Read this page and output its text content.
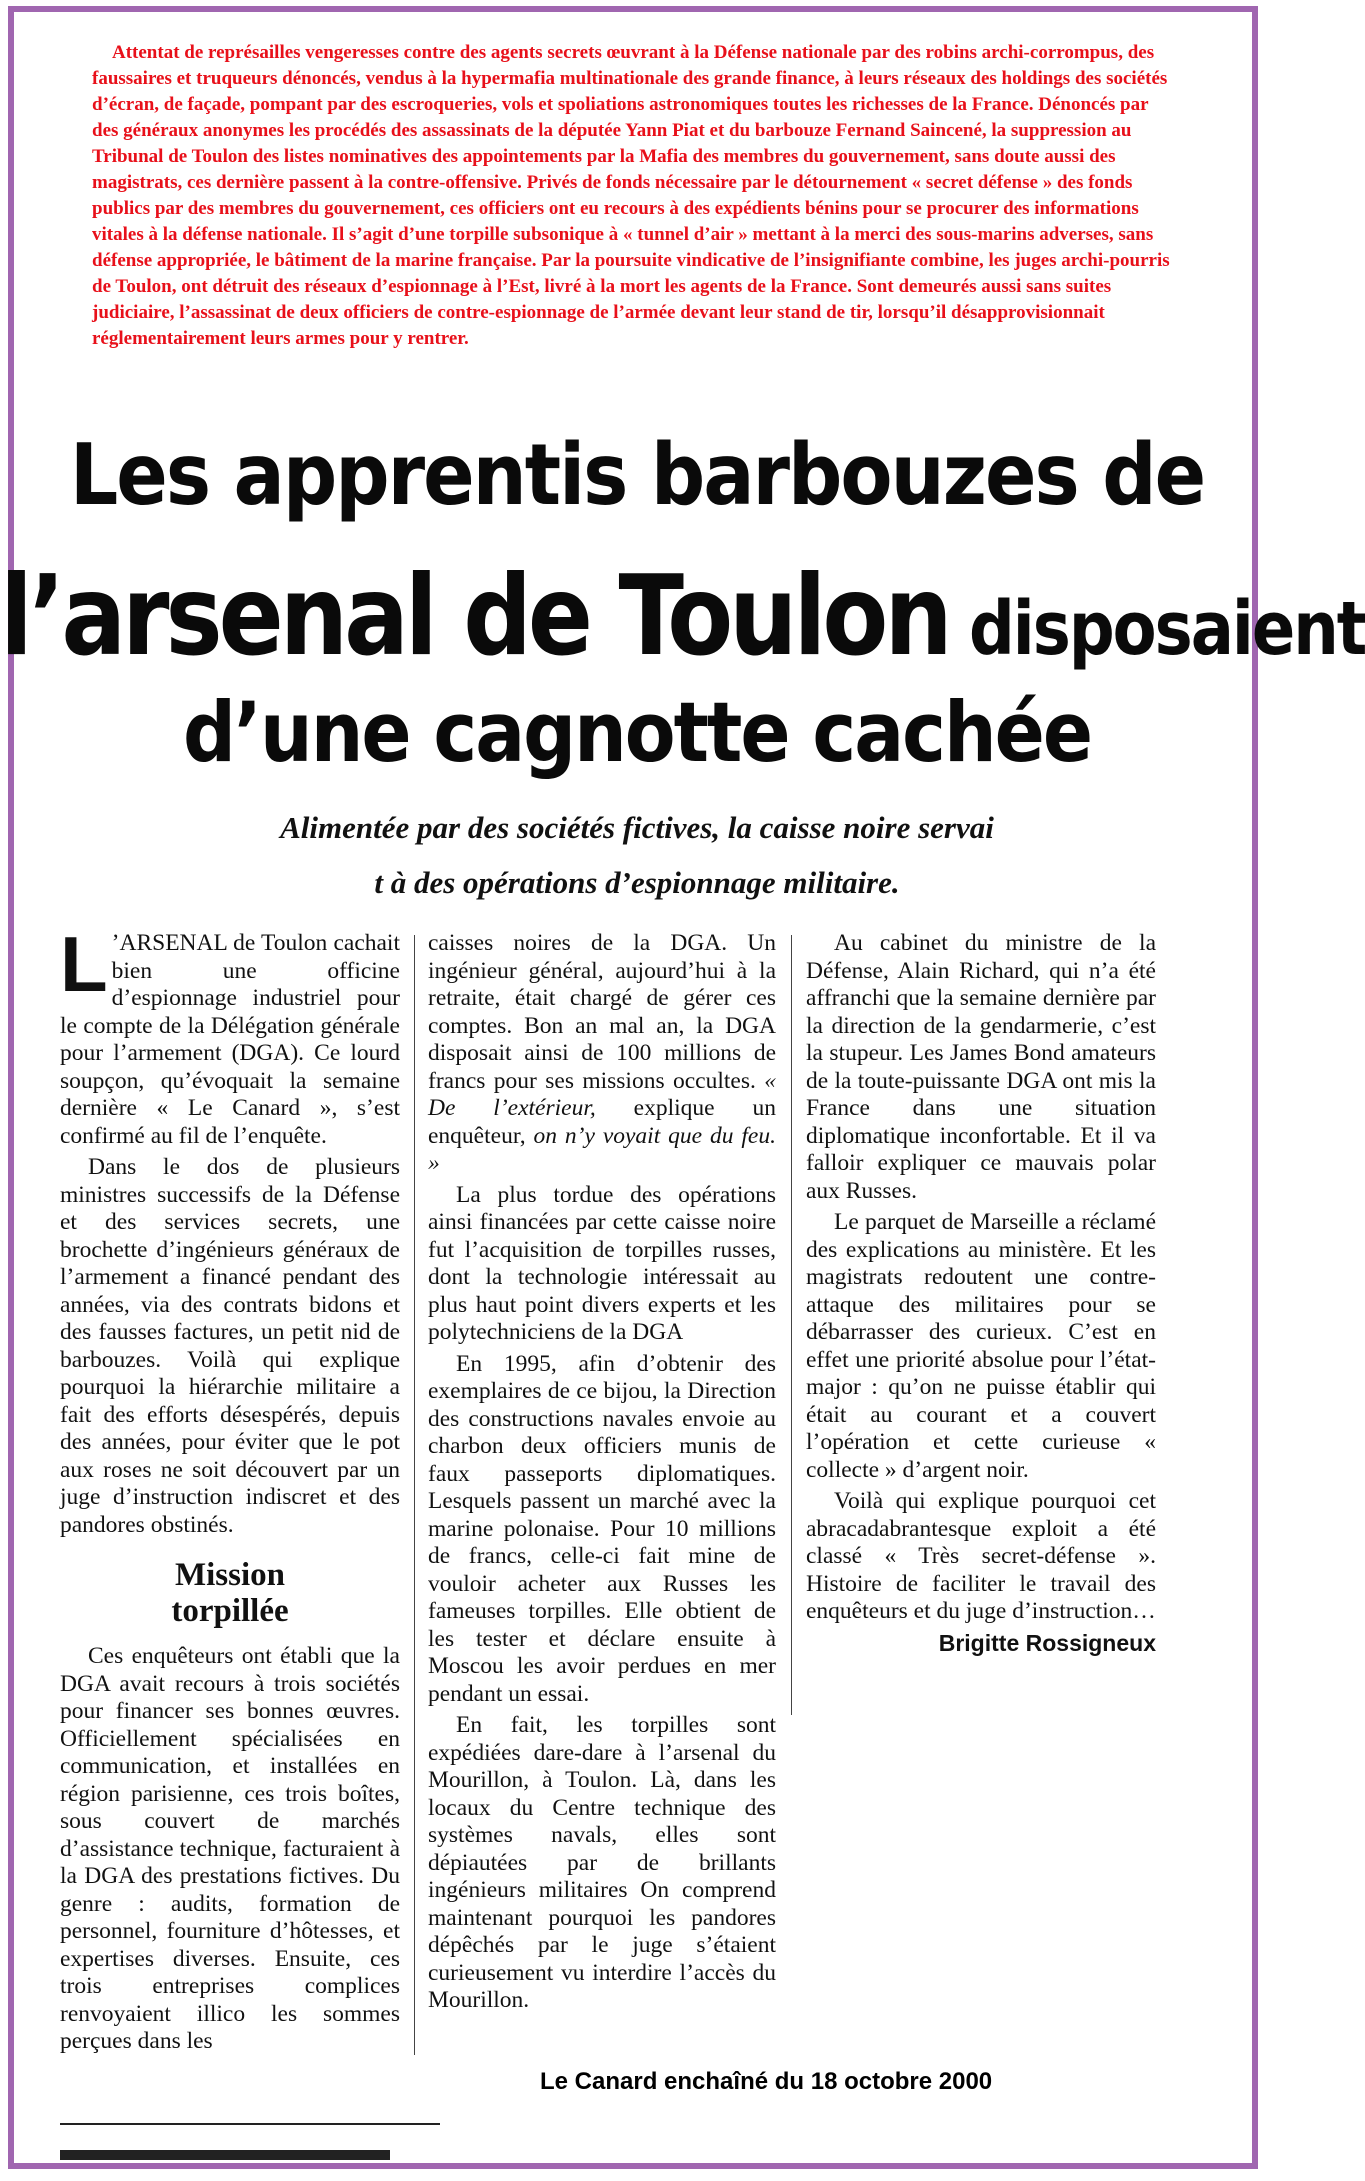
Attentat de représailles vengeresses contre des agents secrets œuvrant à la Défense nationale par des robins archi-corrompus, des faussaires et truqueurs dénoncés, vendus à la hypermafia multinationale des grande finance, à leurs réseaux des holdings des sociétés d’écran, de façade, pompant par des escroqueries, vols et spoliations astronomiques toutes les richesses de la France. Dénoncés par des généraux anonymes les procédés des assassinats de la députée Yann Piat et du barbouze Fernand Saincené, la suppression au Tribunal de Toulon des listes nominatives des appointements par la Mafia des membres du gouvernement, sans doute aussi des magistrats, ces dernière passent à la contre-offensive. Privés de fonds nécessaire par le détournement « secret défense » des fonds publics par des membres du gouvernement, ces officiers ont eu recours à des expédients bénins pour se procurer des informations vitales à la défense nationale. Il s’agit d’une torpille subsonique à « tunnel d’air » mettant à la merci des sous-marins adverses, sans défense appropriée, le bâtiment de la marine française. Par la poursuite vindicative de l’insignifiante combine, les juges archi-pourris de Toulon, ont détruit des réseaux d’espionnage à l’Est, livré à la mort les agents de la France. Sont demeurés aussi sans suites judiciaire, l’assassinat de deux officiers de contre-espionnage de l’armée devant leur stand de tir, lorsqu’il désapprovisionnait réglementairement leurs armes pour y rentrer.

Les apprentis barbouzes de
l’arsenal de Toulon disposaient
d’une cagnotte cachée

Alimentée par des sociétés fictives, la caisse noire servai

t à des opérations d’espionnage militaire.

L ’ARSENAL de Toulon cachait bien une officine d’espionnage industriel pour le compte de la Délégation générale pour l’armement (DGA). Ce lourd soupçon, qu’évoquait la semaine dernière « Le Canard », s’est confirmé au fil de l’enquête.

Dans le dos de plusieurs ministres successifs de la Défense et des services secrets, une brochette d’ingénieurs généraux de l’armement a financé pendant des années, via des contrats bidons et des fausses factures, un petit nid de barbouzes. Voilà qui explique pourquoi la hiérarchie militaire a fait des efforts désespérés, depuis des années, pour éviter que le pot aux roses ne soit découvert par un juge d’instruction indiscret et des pandores obstinés.

Mission
torpillée

Ces enquêteurs ont établi que la DGA avait recours à trois sociétés pour financer ses bonnes œuvres. Officiellement spécialisées en communication, et installées en région parisienne, ces trois boîtes, sous couvert de marchés d’assistance technique, facturaient à la DGA des prestations fictives. Du genre : audits, formation de personnel, fourniture d’hôtesses, et expertises diverses. Ensuite, ces trois entreprises complices renvoyaient illico les sommes perçues dans les

caisses noires de la DGA. Un ingénieur général, aujourd’hui à la retraite, était chargé de gérer ces comptes. Bon an mal an, la DGA disposait ainsi de 100 millions de francs pour ses missions occultes. « De l’extérieur, explique un enquêteur, on n’y voyait que du feu. »

La plus tordue des opérations ainsi financées par cette caisse noire fut l’acquisition de torpilles russes, dont la technologie intéressait au plus haut point divers experts et les polytechniciens de la DGA

En 1995, afin d’obtenir des exemplaires de ce bijou, la Direction des constructions navales envoie au charbon deux officiers munis de faux passeports diplomatiques. Lesquels passent un marché avec la marine polonaise. Pour 10 millions de francs, celle-ci fait mine de vouloir acheter aux Russes les fameuses torpilles. Elle obtient de les tester et déclare ensuite à Moscou les avoir perdues en mer pendant un essai.

En fait, les torpilles sont expédiées dare-dare à l’arsenal du Mourillon, à Toulon. Là, dans les locaux du Centre technique des systèmes navals, elles sont dépiautées par de brillants ingénieurs militaires On comprend maintenant pourquoi les pandores dépêchés par le juge s’étaient curieusement vu interdire l’accès du Mourillon.

Au cabinet du ministre de la Défense, Alain Richard, qui n’a été affranchi que la semaine dernière par la direction de la gendarmerie, c’est la stupeur. Les James Bond amateurs de la toute-puissante DGA ont mis la France dans une situation diplomatique inconfortable. Et il va falloir expliquer ce mauvais polar aux Russes.

Le parquet de Marseille a réclamé des explications au ministère. Et les magistrats redoutent une contre-attaque des militaires pour se débarrasser des curieux. C’est en effet une priorité absolue pour l’état-major : qu’on ne puisse établir qui était au courant et a couvert l’opération et cette curieuse « collecte » d’argent noir.

Voilà qui explique pourquoi cet abracadabrantesque exploit a été classé « Très secret-défense ». Histoire de faciliter le travail des enquêteurs et du juge d’instruction…

Brigitte Rossigneux

Le Canard enchaîné du 18 octobre 2000
